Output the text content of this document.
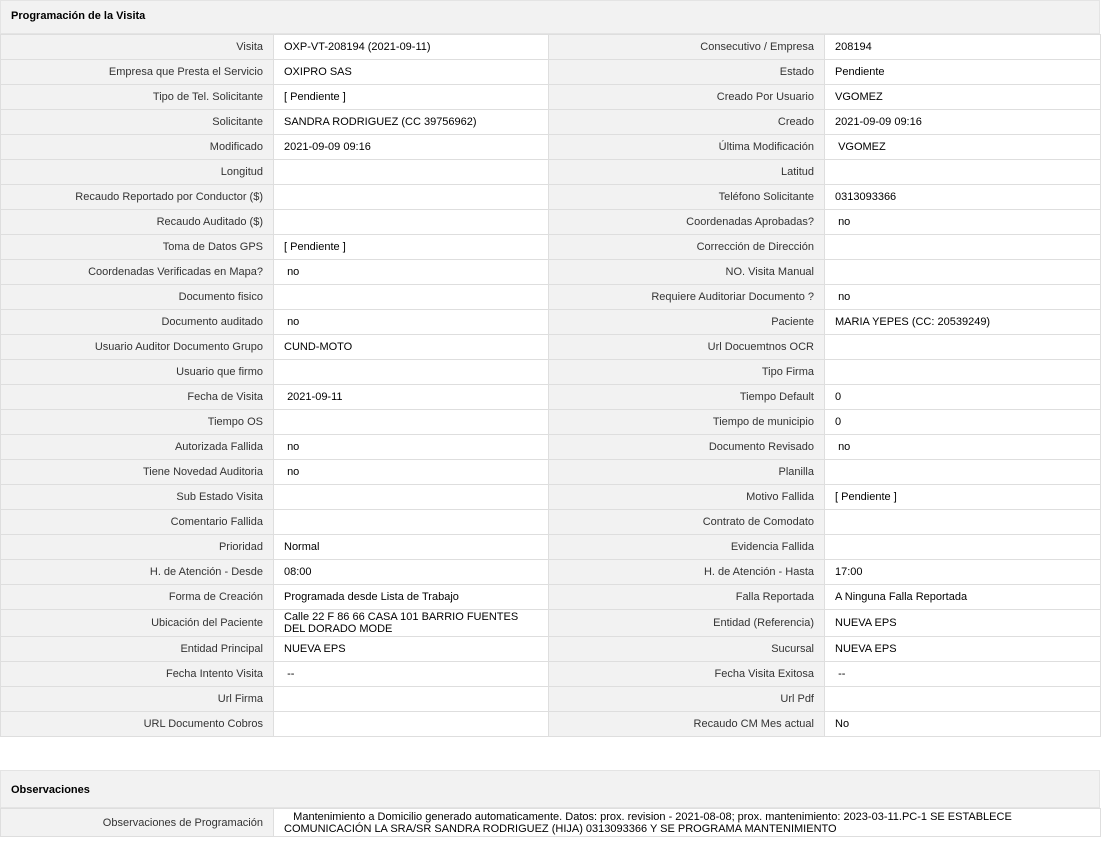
Programación de la Visita
Visita	OXP-VT-208194 (2021-09-11)	Consecutivo / Empresa	208194
Empresa que Presta el Servicio	OXIPRO SAS	Estado	Pendiente
Tipo de Tel. Solicitante	[ Pendiente ]	Creado Por Usuario	VGOMEZ
Solicitante	SANDRA RODRIGUEZ (CC 39756962)	Creado	2021-09-09 09:16
Modificado	2021-09-09 09:16	Última Modificación	VGOMEZ
Longitud		Latitud	
Recaudo Reportado por Conductor ($)		Teléfono Solicitante	0313093366
Recaudo Auditado ($)		Coordenadas Aprobadas?	no
Toma de Datos GPS	[ Pendiente ]	Corrección de Dirección	
Coordenadas Verificadas en Mapa?	no	NO. Visita Manual	
Documento fisico		Requiere Auditoriar Documento ?	no
Documento auditado	no	Paciente	MARIA YEPES (CC: 20539249)
Usuario Auditor Documento Grupo	CUND-MOTO	Url Docuemtnos OCR	
Usuario que firmo		Tipo Firma	
Fecha de Visita	2021-09-11	Tiempo Default	0
Tiempo OS		Tiempo de municipio	0
Autorizada Fallida	no	Documento Revisado	no
Tiene Novedad Auditoria	no	Planilla	
Sub Estado Visita		Motivo Fallida	[ Pendiente ]
Comentario Fallida		Contrato de Comodato	
Prioridad	Normal	Evidencia Fallida	
H. de Atención - Desde	08:00	H. de Atención - Hasta	17:00
Forma de Creación	Programada desde Lista de Trabajo	Falla Reportada	A Ninguna Falla Reportada
Ubicación del Paciente	Calle 22 F 86 66 CASA 101 BARRIO FUENTES DEL DORADO MODE	Entidad (Referencia)	NUEVA EPS
Entidad Principal	NUEVA EPS	Sucursal	NUEVA EPS
Fecha Intento Visita	--	Fecha Visita Exitosa	--
Url Firma		Url Pdf	
URL Documento Cobros		Recaudo CM Mes actual	No
Observaciones
Observaciones de Programación	Mantenimiento a Domicilio generado automaticamente. Datos: prox. revision - 2021-08-08; prox. mantenimiento: 2023-03-11.PC-1 SE ESTABLECE COMUNICACIÓN LA SRA/SR SANDRA RODRIGUEZ (HIJA) 0313093366 Y SE PROGRAMA MANTENIMIENTO
